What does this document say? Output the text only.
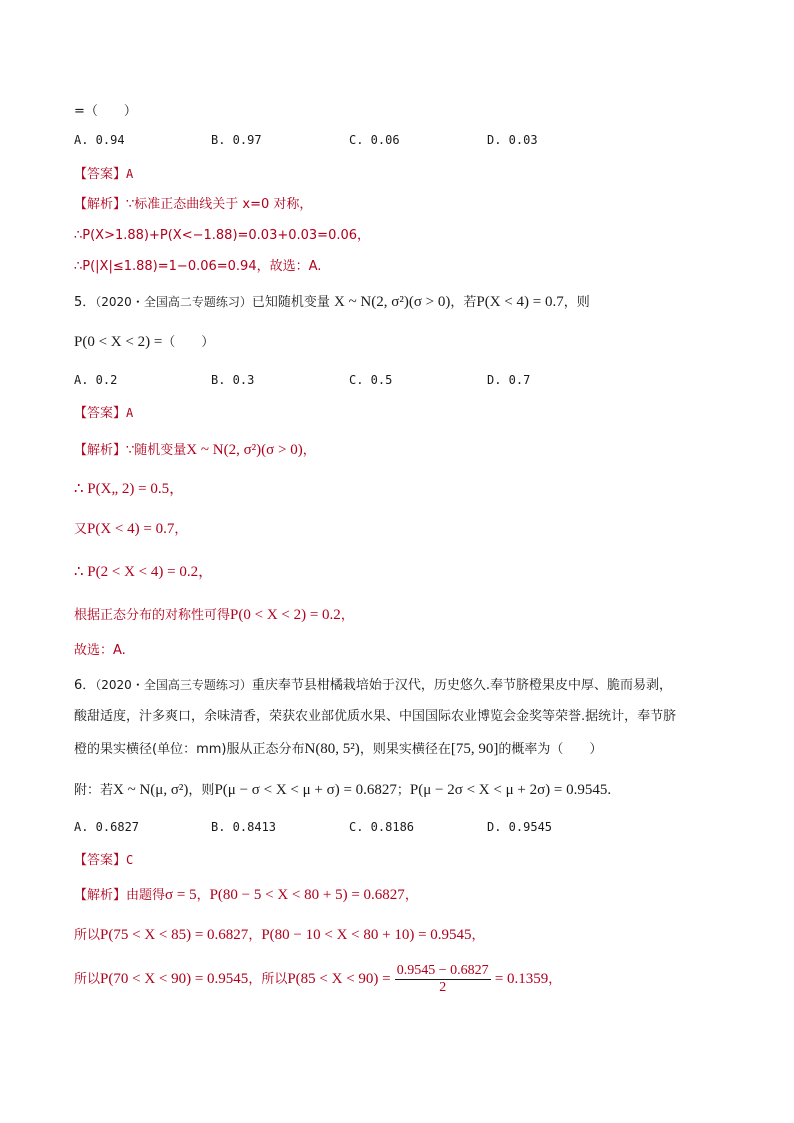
=（　　）
A. 0.94	B. 0.97	C. 0.06	D. 0.03
【答案】A
【解析】∵标准正态曲线关于 x=0 对称，
∴P(X>1.88)+P(X<−1.88)=0.03+0.03=0.06，
∴P(|X|≤1.88)=1−0.06=0.94，故选：A.
5．（2020・全国高二专题练习）已知随机变量 X ~ N(2, σ²)(σ > 0)，若P(X < 4) = 0.7，则
P(0 < X < 2) =（　　）
A. 0.2	B. 0.3	C. 0.5	D. 0.7
【答案】A
【解析】∵随机变量X ~ N(2, σ²)(σ > 0)，
∴ P(X„ 2) = 0.5，
又P(X < 4) = 0.7，
∴ P(2 < X < 4) = 0.2，
根据正态分布的对称性可得P(0 < X < 2) = 0.2，
故选：A.
6．（2020・全国高三专题练习）重庆奉节县柑橘栽培始于汉代，历史悠久.奉节脐橙果皮中厚、脆而易剥，
酸甜适度，汁多爽口，余味清香，荣获农业部优质水果、中国国际农业博览会金奖等荣誉.据统计，奉节脐
橙的果实横径(单位：mm)服从正态分布N(80, 5²)，则果实横径在[75, 90]的概率为（　　）
附：若X ~ N(μ, σ²)，则P(μ − σ < X < μ + σ) = 0.6827；P(μ − 2σ < X < μ + 2σ) = 0.9545.
A. 0.6827	B. 0.8413	C. 0.8186	D. 0.9545
【答案】C
【解析】由题得σ = 5，P(80 − 5 < X < 80 + 5) = 0.6827，
所以P(75 < X < 85) = 0.6827，P(80 − 10 < X < 80 + 10) = 0.9545，
所以P(70 < X < 90) = 0.9545，所以$P(85 < X < 90) = \frac{0.9545 - 0.6827}{2} = 0.1359$，
